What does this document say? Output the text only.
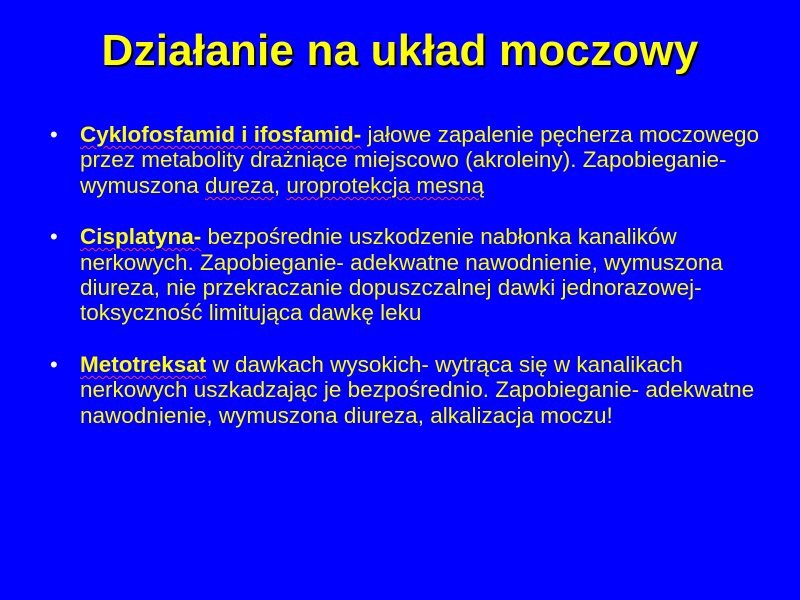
Działanie na układ moczowy
• Cyklofosfamid i ifosfamid- jałowe zapalenie pęcherza moczowego przez metabolity drażniące miejscowo (akroleiny). Zapobieganie- wymuszona dureza, uroprotekcja mesną
• Cisplatyna- bezpośrednie uszkodzenie nabłonka kanalików nerkowych. Zapobieganie- adekwatne nawodnienie, wymuszona diureza, nie przekraczanie dopuszczalnej dawki jednorazowej- toksyczność limitująca dawkę leku
• Metotreksat w dawkach wysokich- wytrąca się w kanalikach nerkowych uszkadzając je bezpośrednio. Zapobieganie- adekwatne nawodnienie, wymuszona diureza, alkalizacja moczu!
